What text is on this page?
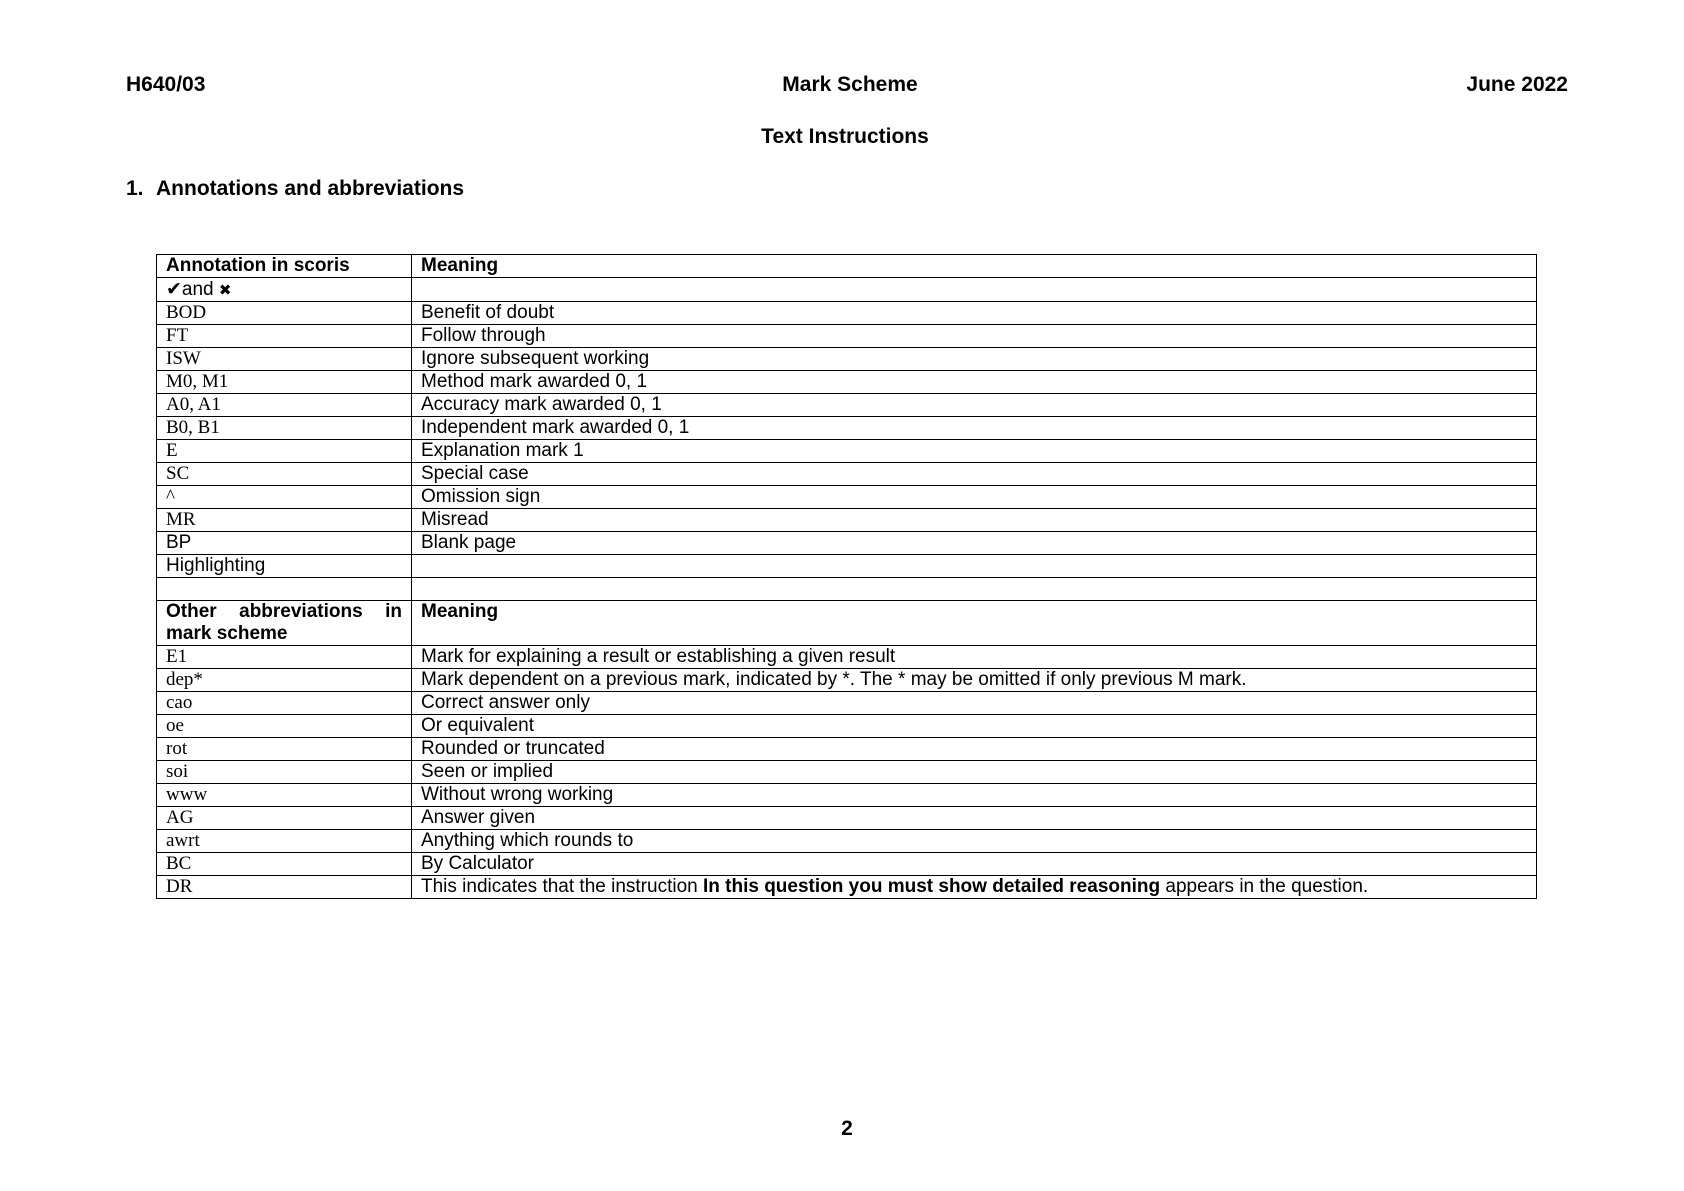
H640/03	Mark Scheme	June 2022
Text Instructions
1. Annotations and abbreviations
Annotation in scoris	Meaning
✔and ✖	
BOD	Benefit of doubt
FT	Follow through
ISW	Ignore subsequent working
M0, M1	Method mark awarded 0, 1
A0, A1	Accuracy mark awarded 0, 1
B0, B1	Independent mark awarded 0, 1
E	Explanation mark 1
SC	Special case
^	Omission sign
MR	Misread
BP	Blank page
Highlighting	

Other abbreviations in mark scheme	Meaning
E1	Mark for explaining a result or establishing a given result
dep*	Mark dependent on a previous mark, indicated by *. The * may be omitted if only previous M mark.
cao	Correct answer only
oe	Or equivalent
rot	Rounded or truncated
soi	Seen or implied
www	Without wrong working
AG	Answer given
awrt	Anything which rounds to
BC	By Calculator
DR	This indicates that the instruction In this question you must show detailed reasoning appears in the question.
2
